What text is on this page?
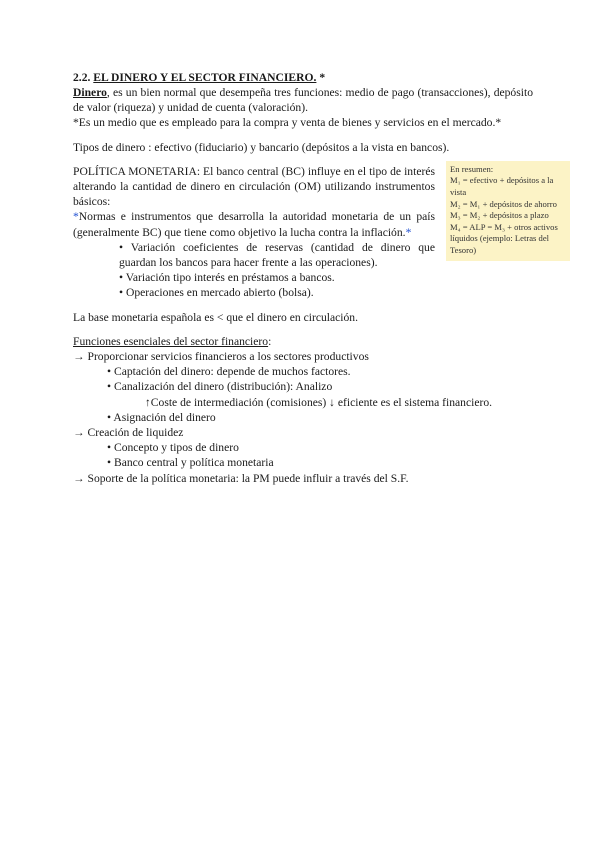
2.2. EL DINERO Y EL SECTOR FINANCIERO. *

Dinero, es un bien normal que desempeña tres funciones: medio de pago (transacciones), depósito de valor (riqueza) y unidad de cuenta (valoración).

*Es un medio que es empleado para la compra y venta de bienes y servicios en el mercado.*

Tipos de dinero : efectivo (fiduciario) y bancario (depósitos a la vista en bancos).

POLÍTICA MONETARIA: El banco central (BC) influye en el tipo de interés alterando la cantidad de dinero en circulación (OM) utilizando instrumentos básicos:

*Normas e instrumentos que desarrolla la autoridad monetaria de un país (generalmente BC) que tiene como objetivo la lucha contra la inflación.*

• Variación coeficientes de reservas (cantidad de dinero que guardan los bancos para hacer frente a las operaciones).
• Variación tipo interés en préstamos a bancos.
• Operaciones en mercado abierto (bolsa).
En resumen:
M₁ = efectivo + depósitos a la vista
M₂ = M₁ + depósitos de ahorro
M₃ = M₂ + depósitos a plazo
M₄ = ALP = M₃ + otros activos líquidos (ejemplo: Letras del Tesoro)

La base monetaria española es < que el dinero en circulación.

Funciones esenciales del sector financiero:

→ Proporcionar servicios financieros a los sectores productivos

• Captación del dinero: depende de muchos factores.

• Canalización del dinero (distribución): Analizo

↑Coste de intermediación (comisiones) ↓ eficiente es el sistema financiero.

• Asignación del dinero

→ Creación de liquidez

• Concepto y tipos de dinero

• Banco central y política monetaria

→ Soporte de la política monetaria: la PM puede influir a través del S.F.
